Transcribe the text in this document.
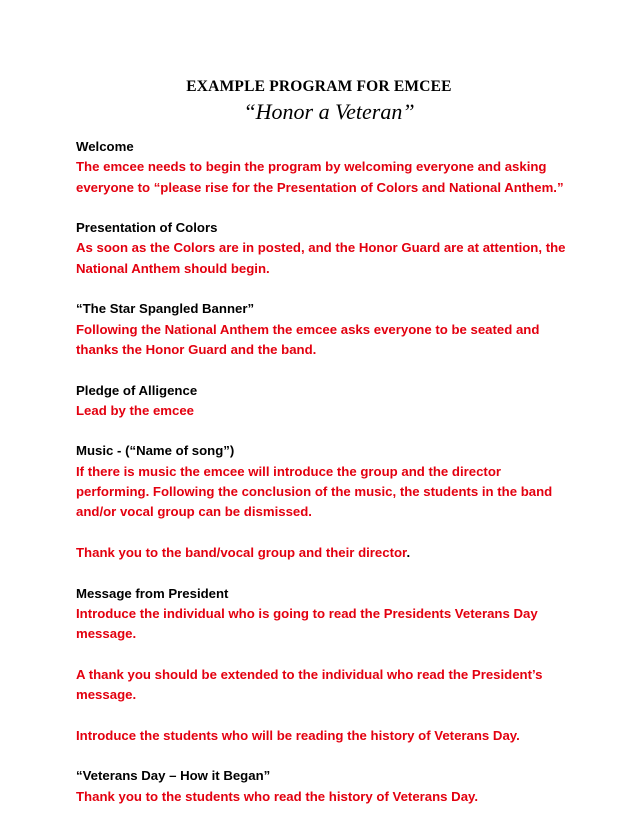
EXAMPLE PROGRAM FOR EMCEE
“Honor a Veteran”
Welcome
The emcee needs to begin the program by welcoming everyone and asking everyone to “please rise for the Presentation of Colors and National Anthem.”
Presentation of Colors
As soon as the Colors are in posted, and the Honor Guard are at attention, the National Anthem should begin.
“The Star Spangled Banner”
Following the National Anthem the emcee asks everyone to be seated and thanks the Honor Guard and the band.
Pledge of Alligence
Lead by the emcee
Music - (“Name of song”)
If there is music the emcee will introduce the group and the director performing. Following the conclusion of the music, the students in the band and/or vocal group can be dismissed.
Thank you to the band/vocal group and their director.
Message from President
Introduce the individual who is going to read the Presidents Veterans Day message.
A thank you should be extended to the individual who read the President’s message.
Introduce the students who will be reading the history of Veterans Day.
“Veterans Day – How it Began”
Thank you to the students who read the history of Veterans Day.
